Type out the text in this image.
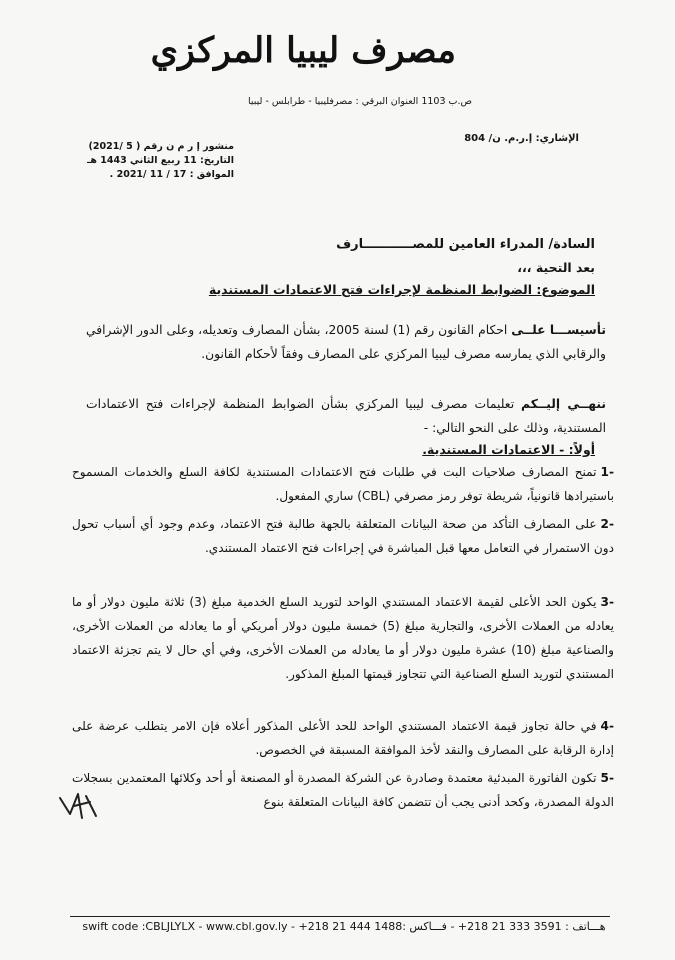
مصرف ليبيا المركزي
ص.ب 1103 العنوان البرقي : مصرفليبيا - طرابلس - ليبيا
الإشاري: إ.ر.م. ن/ 804
منشور إ ر م ن رقم ( 5 /2021)
التاريخ: 11 ربيع الثاني 1443 هـ
الموافق : 17 / 11 /2021 .
السادة/ المدراء العامين للمصـــــــــــارف
بعد التحية ،،،
الموضوع: الضوابط المنظمة لإجراءات فتح الاعتمادات المستندية
تأسيســـا علــى احكام القانون رقم (1) لسنة 2005، بشأن المصارف وتعديله، وعلى الدور الإشرافي والرقابي الذي يمارسه مصرف ليبيا المركزي على المصارف وفقاً لأحكام القانون.
ننهــي إليــكم تعليمات مصرف ليبيا المركزي بشأن الضوابط المنظمة لإجراءات فتح الاعتمادات المستندية، وذلك على النحو التالي: -
أولاً: - الاعتمادات المستندية.
-1تمنح المصارف صلاحيات البت في طلبات فتح الاعتمادات المستندية لكافة السلع والخدمات المسموح باستيرادها قانونياً، شريطة توفر رمز مصرفي (CBL) ساري المفعول.
-2على المصارف التأكد من صحة البيانات المتعلقة بالجهة طالبة فتح الاعتماد، وعدم وجود أي أسباب تحول دون الاستمرار في التعامل معها قبل المباشرة في إجراءات فتح الاعتماد المستندي.
-3يكون الحد الأعلى لقيمة الاعتماد المستندي الواحد لتوريد السلع الخدمية مبلغ (3) ثلاثة مليون دولار أو ما يعادله من العملات الأخرى، والتجارية مبلغ (5) خمسة مليون دولار أمريكي أو ما يعادله من العملات الأخرى، والصناعية مبلغ (10) عشرة مليون دولار أو ما يعادله من العملات الأخرى، وفي أي حال لا يتم تجزئة الاعتماد المستندي لتوريد السلع الصناعية التي تتجاوز قيمتها المبلغ المذكور.
-4في حالة تجاوز قيمة الاعتماد المستندي الواحد للحد الأعلى المذكور أعلاه فإن الامر يتطلب عرضة على إدارة الرقابة على المصارف والنقد لأخذ الموافقة المسبقة في الخصوص.
-5تكون الفاتورة المبدئية معتمدة وصادرة عن الشركة المصدرة أو المصنعة أو أحد وكلائها المعتمدين بسجلات الدولة المصدرة، وكحد أدنى يجب أن تتضمن كافة البيانات المتعلقة بنوع
هـــاتف : 3591 333 21 218+ - فـــاكس :1488 444 21 218+ - swift code :CBLJLYLX - www.cbl.gov.ly
